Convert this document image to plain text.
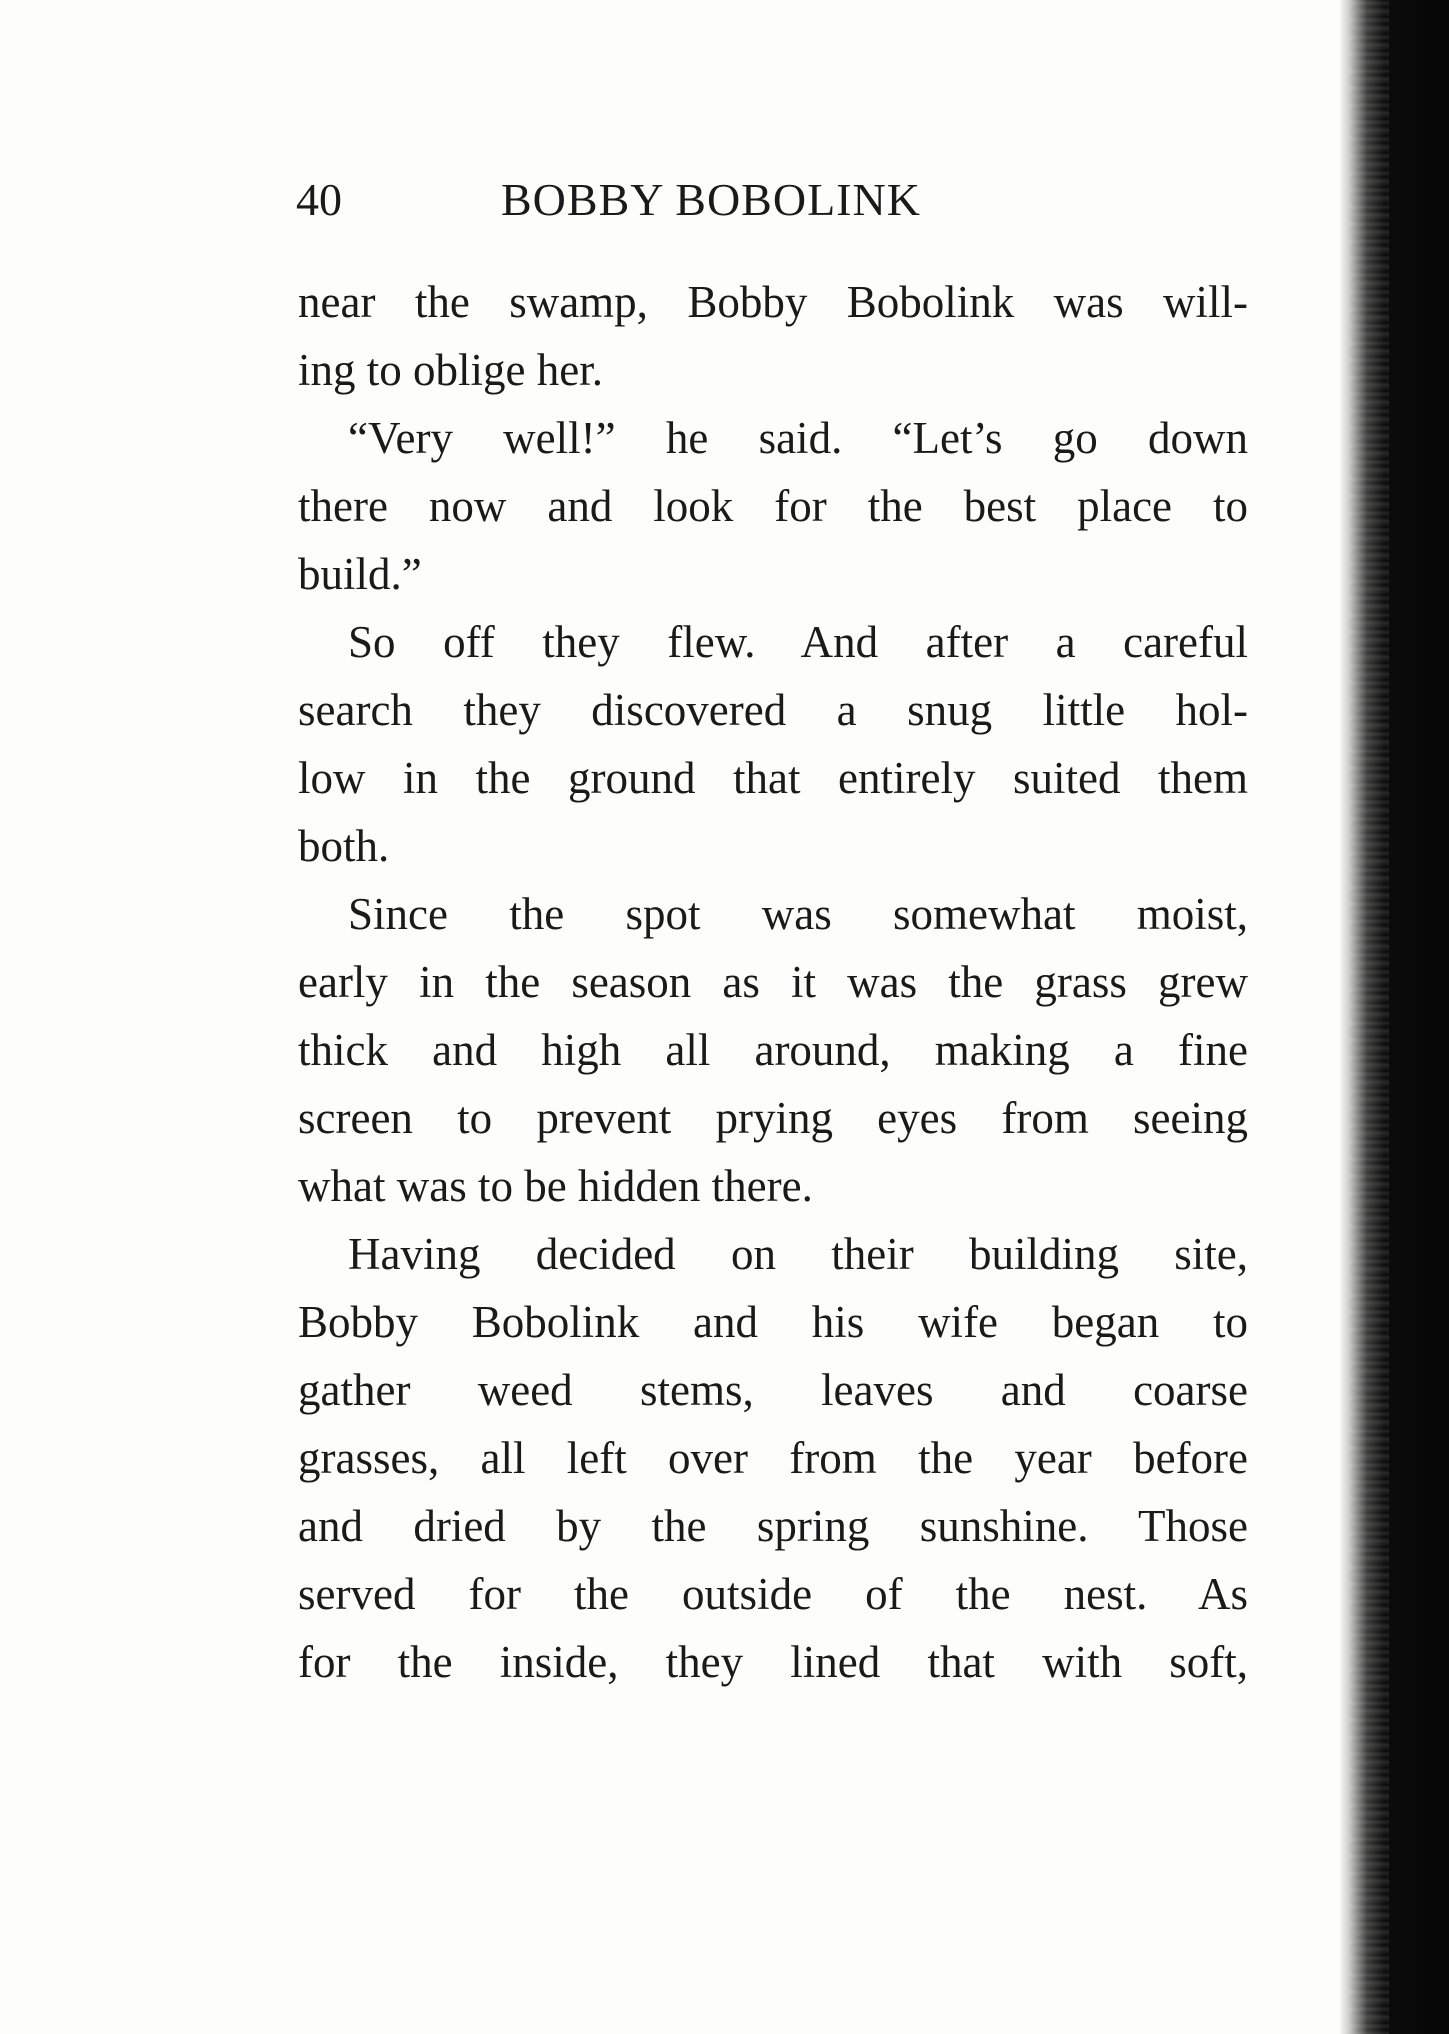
40	BOBBY BOBOLINK
near the swamp, Bobby Bobolink was will-
ing to oblige her.
“Very well!” he said. “Let’s go down
there now and look for the best place to
build.”
So off they flew. And after a careful
search they discovered a snug little hol-
low in the ground that entirely suited them
both.
Since the spot was somewhat moist,
early in the season as it was the grass grew
thick and high all around, making a fine
screen to prevent prying eyes from seeing
what was to be hidden there.
Having decided on their building site,
Bobby Bobolink and his wife began to
gather weed stems, leaves and coarse
grasses, all left over from the year before
and dried by the spring sunshine. Those
served for the outside of the nest. As
for the inside, they lined that with soft,
